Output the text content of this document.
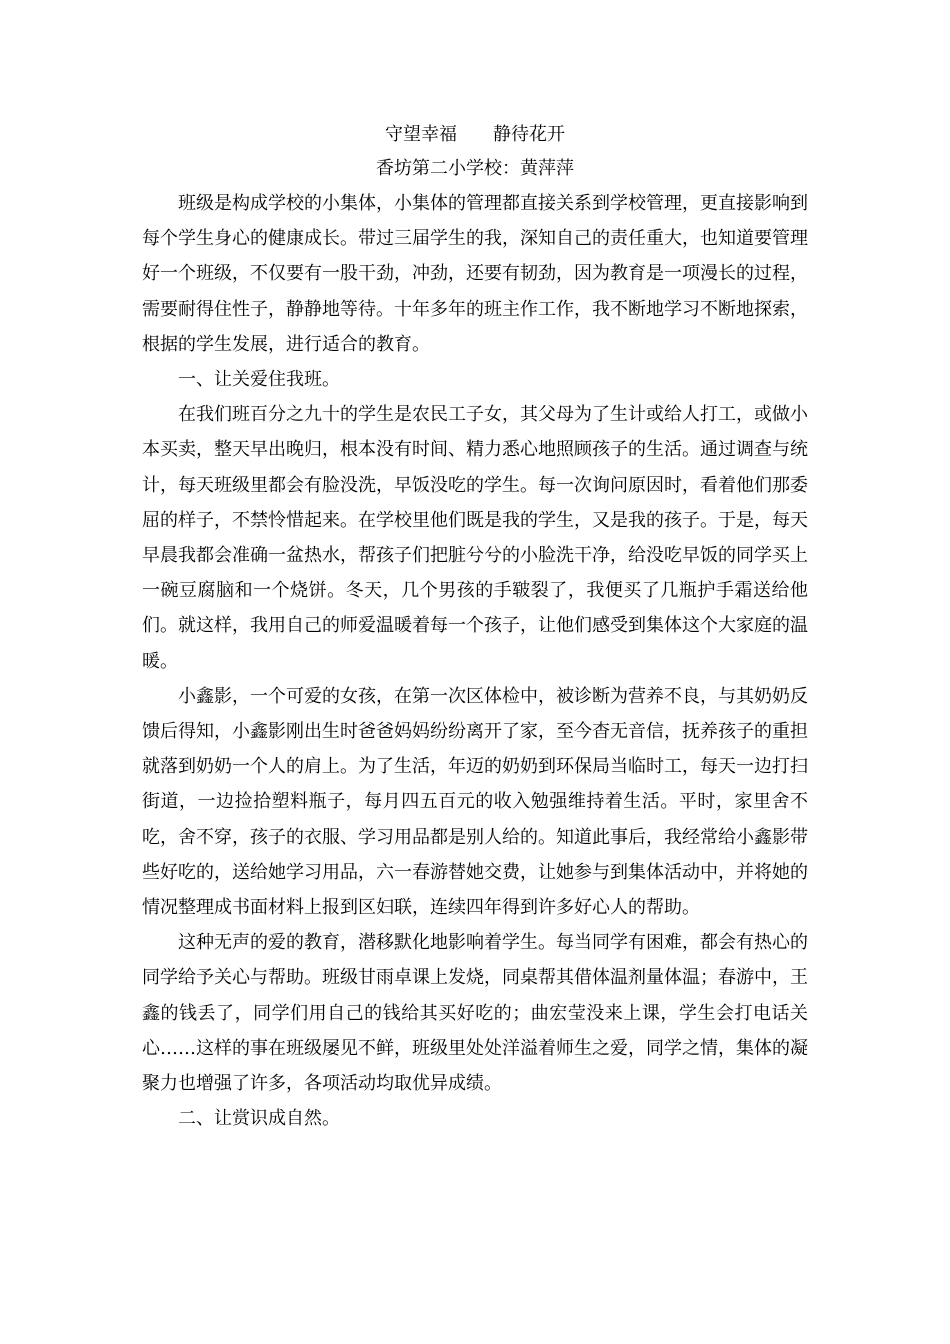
守望幸福　　静待花开

香坊第二小学校：黄萍萍

班级是构成学校的小集体，小集体的管理都直接关系到学校管理，更直接影响到每个学生身心的健康成长。带过三届学生的我，深知自己的责任重大，也知道要管理好一个班级，不仅要有一股干劲，冲劲，还要有韧劲，因为教育是一项漫长的过程，需要耐得住性子，静静地等待。十年多年的班主作工作，我不断地学习不断地探索，根据的学生发展，进行适合的教育。

一、让关爱住我班。

在我们班百分之九十的学生是农民工子女，其父母为了生计或给人打工，或做小本买卖，整天早出晚归，根本没有时间、精力悉心地照顾孩子的生活。通过调查与统计，每天班级里都会有脸没洗，早饭没吃的学生。每一次询问原因时，看着他们那委屈的样子，不禁怜惜起来。在学校里他们既是我的学生，又是我的孩子。于是，每天早晨我都会准确一盆热水，帮孩子们把脏兮兮的小脸洗干净，给没吃早饭的同学买上一碗豆腐脑和一个烧饼。冬天，几个男孩的手皲裂了，我便买了几瓶护手霜送给他们。就这样，我用自己的师爱温暖着每一个孩子，让他们感受到集体这个大家庭的温暖。

小鑫影，一个可爱的女孩，在第一次区体检中，被诊断为营养不良，与其奶奶反馈后得知，小鑫影刚出生时爸爸妈妈纷纷离开了家，至今杳无音信，抚养孩子的重担就落到奶奶一个人的肩上。为了生活，年迈的奶奶到环保局当临时工，每天一边打扫街道，一边捡拾塑料瓶子，每月四五百元的收入勉强维持着生活。平时，家里舍不吃，舍不穿，孩子的衣服、学习用品都是别人给的。知道此事后，我经常给小鑫影带些好吃的，送给她学习用品，六一春游替她交费，让她参与到集体活动中，并将她的情况整理成书面材料上报到区妇联，连续四年得到许多好心人的帮助。

这种无声的爱的教育，潜移默化地影响着学生。每当同学有困难，都会有热心的同学给予关心与帮助。班级甘雨卓课上发烧，同桌帮其借体温剂量体温；春游中，王鑫的钱丢了，同学们用自己的钱给其买好吃的；曲宏莹没来上课，学生会打电话关心……这样的事在班级屡见不鲜，班级里处处洋溢着师生之爱，同学之情，集体的凝聚力也增强了许多，各项活动均取优异成绩。

二、让赏识成自然。
